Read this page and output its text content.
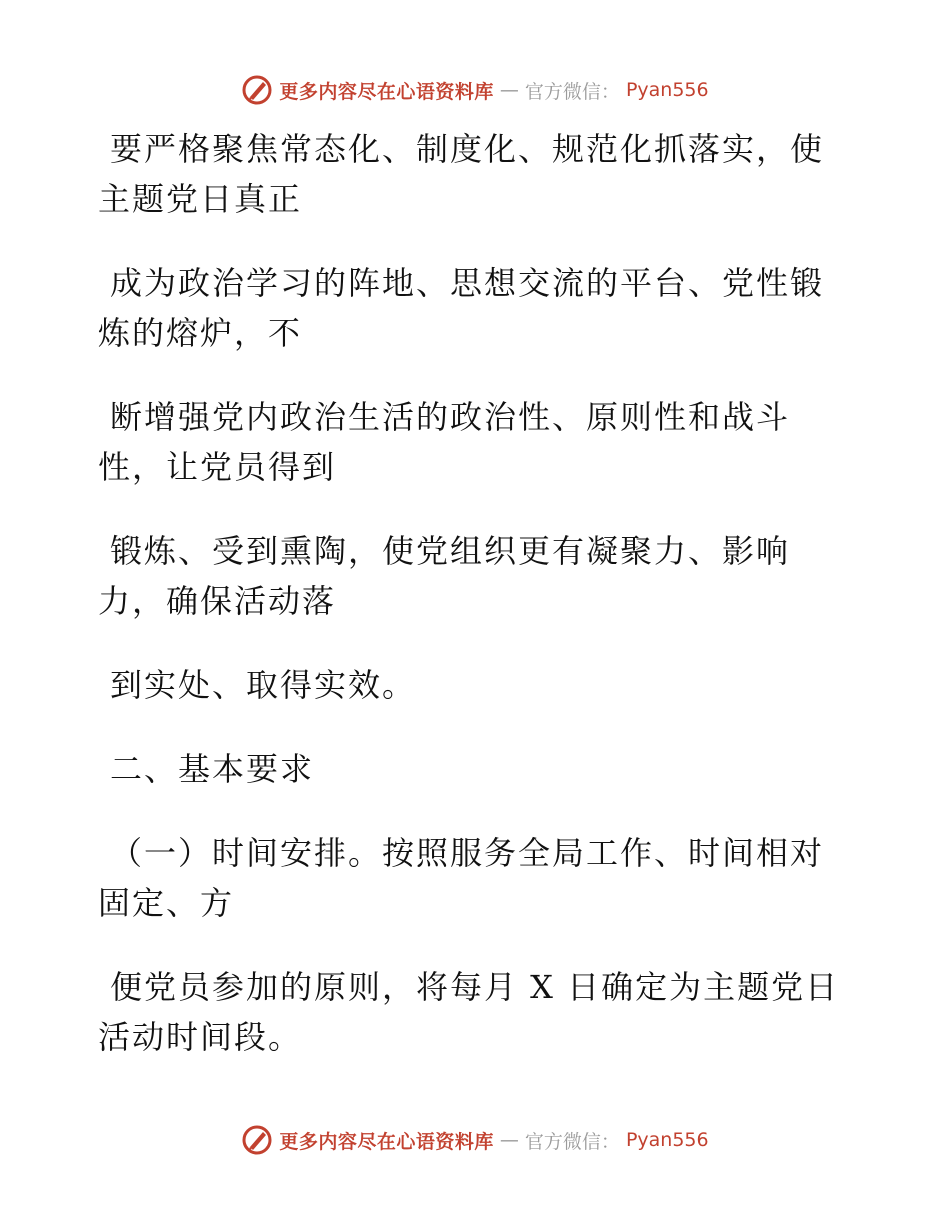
更多内容尽在心语资料库 — 官方微信： Pyan556

要严格聚焦常态化、制度化、规范化抓落实，使
主题党日真正

成为政治学习的阵地、思想交流的平台、党性锻
炼的熔炉，不

断增强党内政治生活的政治性、原则性和战斗
性，让党员得到

锻炼、受到熏陶，使党组织更有凝聚力、影响
力，确保活动落

到实处、取得实效。

二、基本要求

（一）时间安排。按照服务全局工作、时间相对
固定、方

便党员参加的原则，将每月 X 日确定为主题党日
活动时间段。

更多内容尽在心语资料库 — 官方微信： Pyan556
